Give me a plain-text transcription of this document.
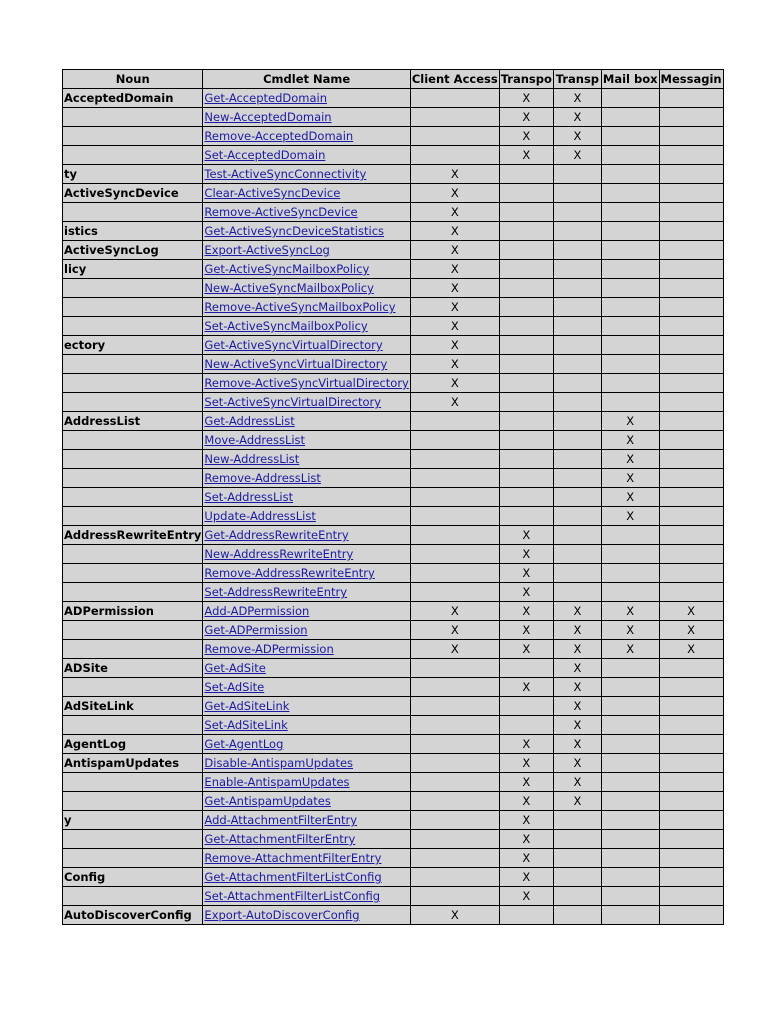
Noun	Cmdlet Name	Client Access	Transpo	Transp	Mail box	Messagin
AcceptedDomain	Get-AcceptedDomain		X	X		
	New-AcceptedDomain		X	X		
	Remove-AcceptedDomain		X	X		
	Set-AcceptedDomain		X	X		
ty	Test-ActiveSyncConnectivity	X				
ActiveSyncDevice	Clear-ActiveSyncDevice	X				
	Remove-ActiveSyncDevice	X				
istics	Get-ActiveSyncDeviceStatistics	X				
ActiveSyncLog	Export-ActiveSyncLog	X				
licy	Get-ActiveSyncMailboxPolicy	X				
	New-ActiveSyncMailboxPolicy	X				
	Remove-ActiveSyncMailboxPolicy	X				
	Set-ActiveSyncMailboxPolicy	X				
ectory	Get-ActiveSyncVirtualDirectory	X				
	New-ActiveSyncVirtualDirectory	X				
	Remove-ActiveSyncVirtualDirectory	X				
	Set-ActiveSyncVirtualDirectory	X				
AddressList	Get-AddressList				X	
	Move-AddressList				X	
	New-AddressList				X	
	Remove-AddressList				X	
	Set-AddressList				X	
	Update-AddressList				X	
AddressRewriteEntry	Get-AddressRewriteEntry		X			
	New-AddressRewriteEntry		X			
	Remove-AddressRewriteEntry		X			
	Set-AddressRewriteEntry		X			
ADPermission	Add-ADPermission	X	X	X	X	X
	Get-ADPermission	X	X	X	X	X
	Remove-ADPermission	X	X	X	X	X
ADSite	Get-AdSite			X		
	Set-AdSite		X	X		
AdSiteLink	Get-AdSiteLink			X		
	Set-AdSiteLink			X		
AgentLog	Get-AgentLog		X	X		
AntispamUpdates	Disable-AntispamUpdates		X	X		
	Enable-AntispamUpdates		X	X		
	Get-AntispamUpdates		X	X		
y	Add-AttachmentFilterEntry		X			
	Get-AttachmentFilterEntry		X			
	Remove-AttachmentFilterEntry		X			
Config	Get-AttachmentFilterListConfig		X			
	Set-AttachmentFilterListConfig		X			
AutoDiscoverConfig	Export-AutoDiscoverConfig	X				
